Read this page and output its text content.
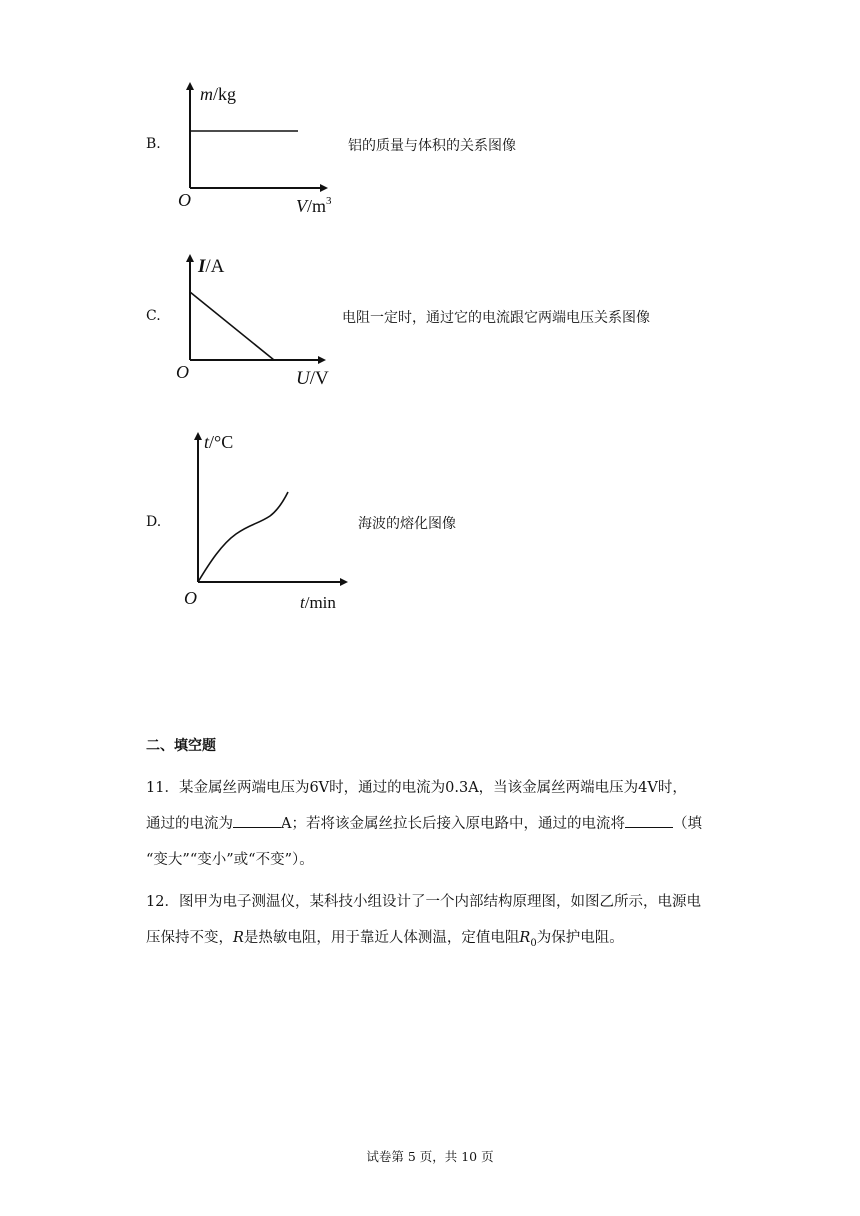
B.
m/kg
O	$V/m^3$
铝的质量与体积的关系图像
C.
I/A
O	U/V
电阻一定时，通过它的电流跟它两端电压关系图像
D.
t/°C
O	t/min
海波的熔化图像
二、填空题

11．某金属丝两端电压为6V时，通过的电流为0.3A，当该金属丝两端电压为4V时，

通过的电流为	A；若将该金属丝拉长后接入原电路中，通过的电流将	（填

“变大”“变小”或“不变”）。

12．图甲为电子测温仪，某科技小组设计了一个内部结构原理图，如图乙所示，电源电

压保持不变，R是热敏电阻，用于靠近人体测温，定值电阻$R_0$为保护电阻。

试卷第 5 页，共 10 页
